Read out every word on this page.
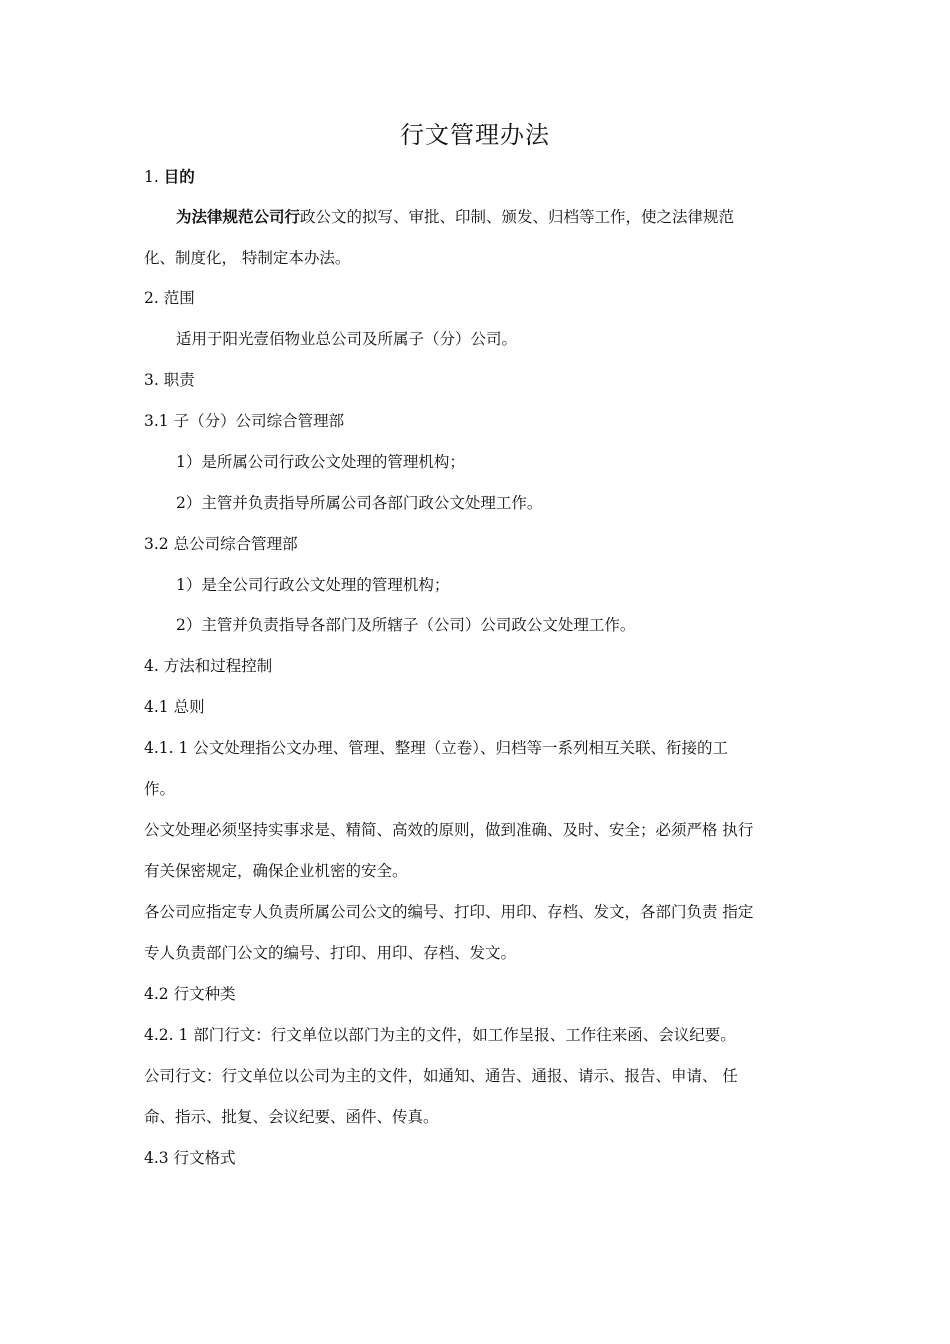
行文管理办法
1. 目的
为法律规范公司行政公文的拟写、审批、印制、颁发、归档等工作，使之法律规范
化、制度化， 特制定本办法。
2. 范围
适用于阳光壹佰物业总公司及所属子（分）公司。
3. 职责
3.1 子（分）公司综合管理部
1）是所属公司行政公文处理的管理机构；
2）主管并负责指导所属公司各部门政公文处理工作。
3.2 总公司综合管理部
1）是全公司行政公文处理的管理机构；
2）主管并负责指导各部门及所辖子（公司）公司政公文处理工作。
4. 方法和过程控制
4.1 总则
4.1. 1 公文处理指公文办理、管理、整理（立卷）、归档等一系列相互关联、衔接的工
作。
公文处理必须坚持实事求是、精简、高效的原则，做到准确、及时、安全；必须严格 执行
有关保密规定，确保企业机密的安全。
各公司应指定专人负责所属公司公文的编号、打印、用印、存档、发文，各部门负责 指定
专人负责部门公文的编号、打印、用印、存档、发文。
4.2 行文种类
4.2. 1 部门行文：行文单位以部门为主的文件，如工作呈报、工作往来函、会议纪要。
公司行文：行文单位以公司为主的文件，如通知、通告、通报、请示、报告、申请、 任
命、指示、批复、会议纪要、函件、传真。
4.3 行文格式
